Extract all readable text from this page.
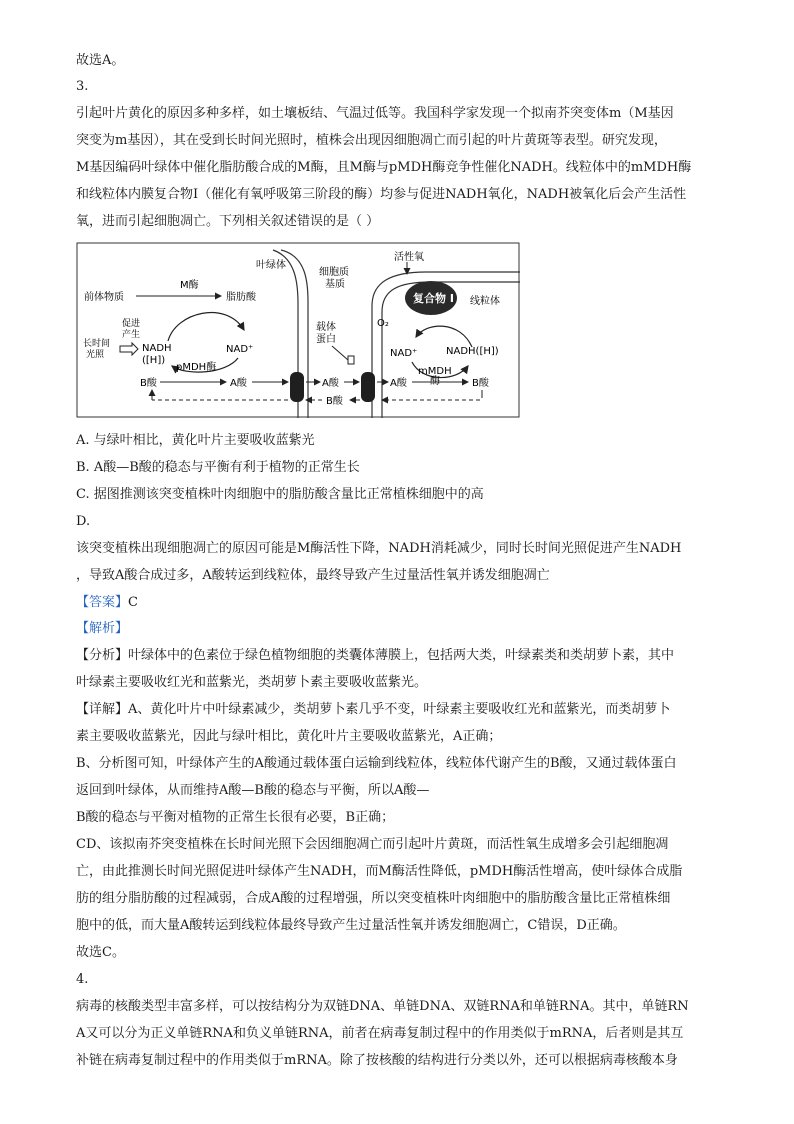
故选A。
3.
引起叶片黄化的原因多种多样，如土壤板结、气温过低等。我国科学家发现一个拟南芥突变体m（M基因
突变为m基因），其在受到长时间光照时，植株会出现因细胞凋亡而引起的叶片黄斑等表型。研究发现，
M基因编码叶绿体中催化脂肪酸合成的M酶，且M酶与pMDH酶竞争性催化NADH。线粒体中的mMDH酶
和线粒体内膜复合物I（催化有氧呼吸第三阶段的酶）均参与促进NADH氧化，NADH被氧化后会产生活性
氧，进而引起细胞凋亡。下列相关叙述错误的是（ ）
叶绿体
细胞质
基质
活性氧
复合物 Ⅰ 线粒体
前体物质
M酶
脂肪酸
促进
产生
长时间
光照
NADH
([H])
NAD⁺
pMDH酶
载体
蛋白
O₂
NAD⁺	NADH([H])
mMDH
酶
B酸	A酸	A酸	A酸	B酸
B酸
A. 与绿叶相比，黄化叶片主要吸收蓝紫光
B. A酸—B酸的稳态与平衡有利于植物的正常生长
C. 据图推测该突变植株叶肉细胞中的脂肪酸含量比正常植株细胞中的高
D.
该突变植株出现细胞凋亡的原因可能是M酶活性下降，NADH消耗减少，同时长时间光照促进产生NADH
，导致A酸合成过多，A酸转运到线粒体，最终导致产生过量活性氧并诱发细胞凋亡
【答案】C
【解析】
【分析】叶绿体中的色素位于绿色植物细胞的类囊体薄膜上，包括两大类，叶绿素类和类胡萝卜素，其中
叶绿素主要吸收红光和蓝紫光，类胡萝卜素主要吸收蓝紫光。
【详解】A、黄化叶片中叶绿素减少，类胡萝卜素几乎不变，叶绿素主要吸收红光和蓝紫光，而类胡萝卜
素主要吸收蓝紫光，因此与绿叶相比，黄化叶片主要吸收蓝紫光，A正确；
B、分析图可知，叶绿体产生的A酸通过载体蛋白运输到线粒体，线粒体代谢产生的B酸，又通过载体蛋白
返回到叶绿体，从而维持A酸—B酸的稳态与平衡，所以A酸—
B酸的稳态与平衡对植物的正常生长很有必要，B正确；
CD、该拟南芥突变植株在长时间光照下会因细胞凋亡而引起叶片黄斑，而活性氧生成增多会引起细胞凋
亡，由此推测长时间光照促进叶绿体产生NADH，而M酶活性降低，pMDH酶活性增高，使叶绿体合成脂
肪的组分脂肪酸的过程减弱，合成A酸的过程增强，所以突变植株叶肉细胞中的脂肪酸含量比正常植株细
胞中的低，而大量A酸转运到线粒体最终导致产生过量活性氧并诱发细胞凋亡，C错误，D正确。
故选C。
4.
病毒的核酸类型丰富多样，可以按结构分为双链DNA、单链DNA、双链RNA和单链RNA。其中，单链RN
A又可以分为正义单链RNA和负义单链RNA，前者在病毒复制过程中的作用类似于mRNA，后者则是其互
补链在病毒复制过程中的作用类似于mRNA。除了按核酸的结构进行分类以外，还可以根据病毒核酸本身
